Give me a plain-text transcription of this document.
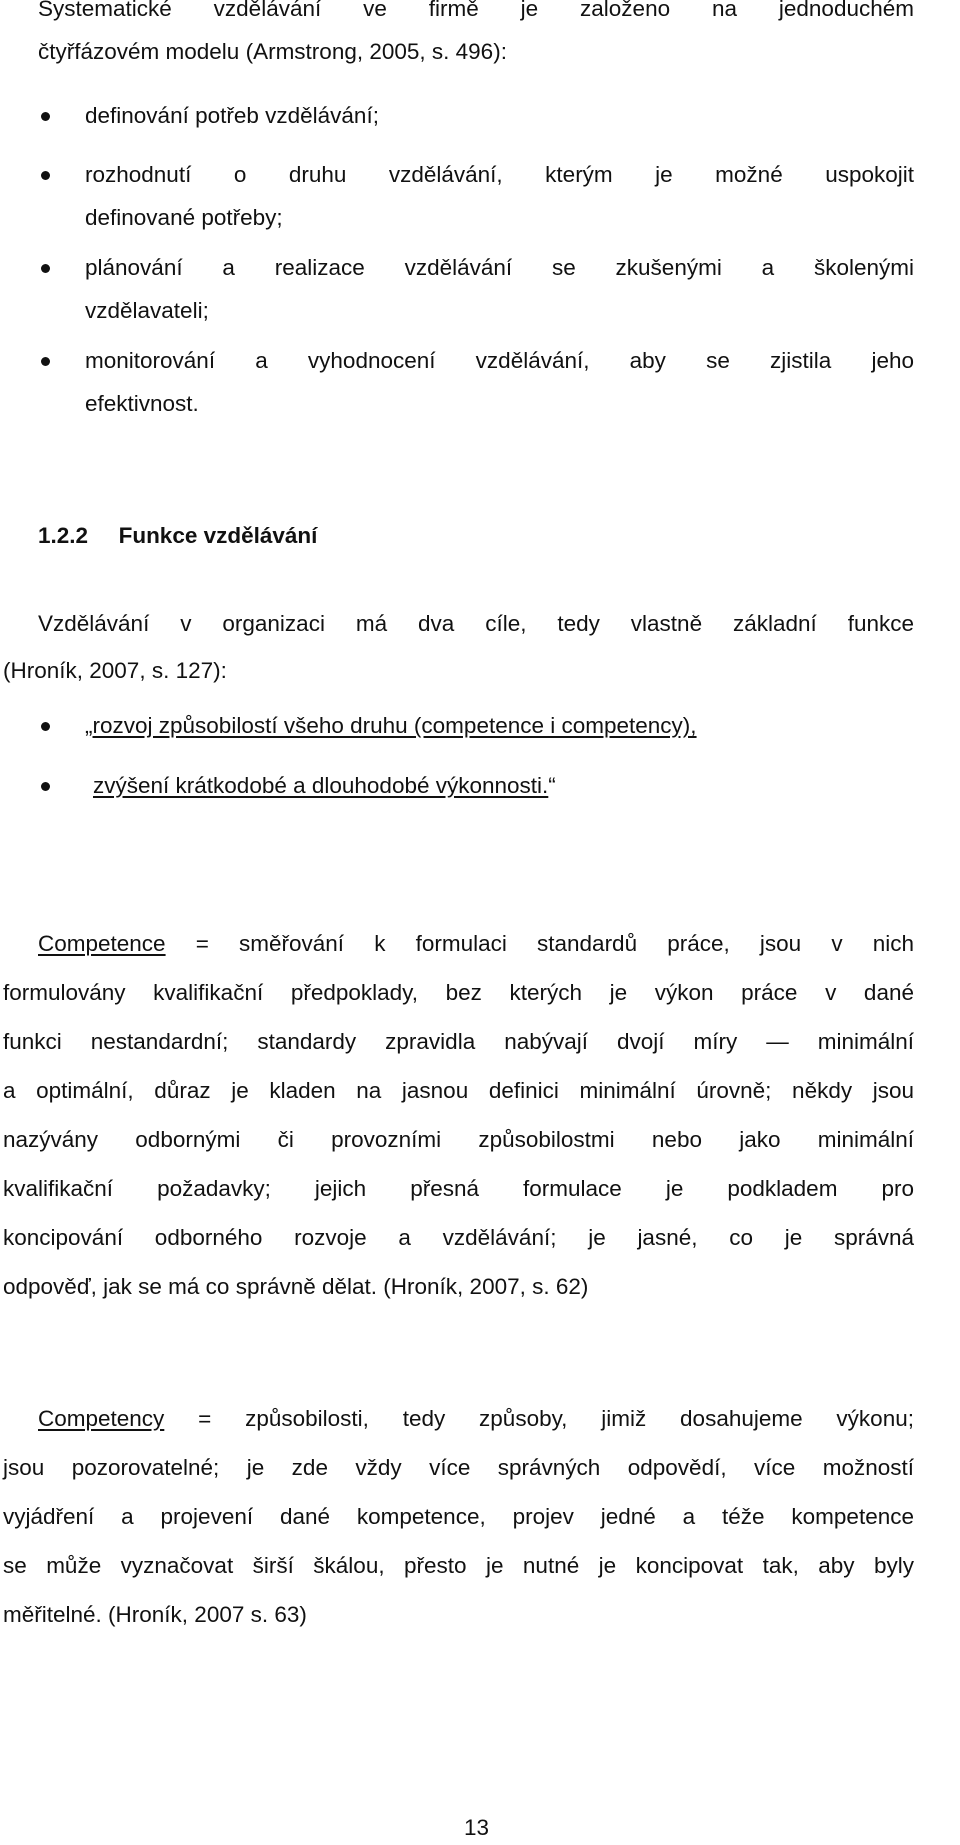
Systematické vzdělávání ve firmě je založeno na jednoduchém
čtyřfázovém modelu (Armstrong, 2005, s. 496):
definování potřeb vzdělávání;
rozhodnutí o druhu vzdělávání, kterým je možné uspokojit
definované potřeby;
plánování a realizace vzdělávání se zkušenými a školenými
vzdělavateli;
monitorování a vyhodnocení vzdělávání, aby se zjistila jeho
efektivnost.
1.2.2 Funkce vzdělávání
Vzdělávání v organizaci má dva cíle, tedy vlastně základní funkce
(Hroník, 2007, s. 127):
„rozvoj způsobilostí všeho druhu (competence i competency),
zvýšení krátkodobé a dlouhodobé výkonnosti.“
Competence = směřování k formulaci standardů práce, jsou v nich
formulovány kvalifikační předpoklady, bez kterých je výkon práce v dané
funkci nestandardní; standardy zpravidla nabývají dvojí míry — minimální
a optimální, důraz je kladen na jasnou definici minimální úrovně; někdy jsou
nazývány odbornými či provozními způsobilostmi nebo jako minimální
kvalifikační požadavky; jejich přesná formulace je podkladem pro
koncipování odborného rozvoje a vzdělávání; je jasné, co je správná
odpověď, jak se má co správně dělat. (Hroník, 2007, s. 62)
Competency = způsobilosti, tedy způsoby, jimiž dosahujeme výkonu;
jsou pozorovatelné; je zde vždy více správných odpovědí, více možností
vyjádření a projevení dané kompetence, projev jedné a téže kompetence
se může vyznačovat širší škálou, přesto je nutné je koncipovat tak, aby byly
měřitelné. (Hroník, 2007 s. 63)
13
